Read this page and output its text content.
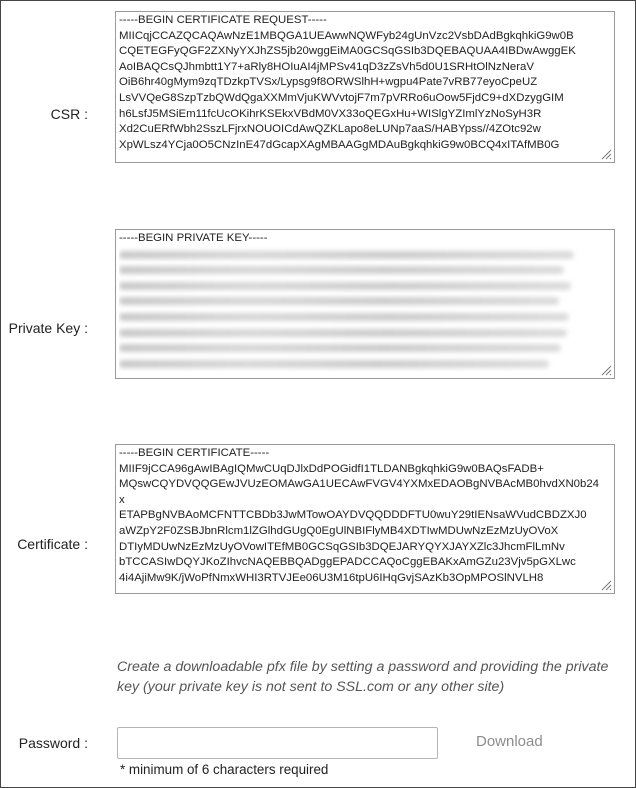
CSR :
-----BEGIN CERTIFICATE REQUEST-----
MIICqjCCAZQCAQAwNzE1MBQGA1UEAwwNQWFyb24gUnVzc2VsbDAdBgkqhkiG9w0B
CQETEGFyQGF2ZXNyYXJhZS5jb20wggEiMA0GCSqGSIb3DQEBAQUAA4IBDwAwggEK
AoIBAQCsQJhmbtt1Y7+aRly8HOIuAI4jMPSv41qD3zZsVh5d0U1SRHtOlNzNeraV
OiB6hr40gMym9zqTDzkpTVSx/Lypsg9f8ORWSlhH+wgpu4Pate7vRB77eyoCpeUZ
LsVVQeG8SzpTzbQWdQgaXXMmVjuKWVvtojF7m7pVRRo6uOow5FjdC9+dXDzygGIM
h6LsfJ5MSiEm11fcUcOKihrKSEkxVBdM0VX33oQEGxHu+WISlgYZImlYzNoSyH3R
Xd2CuERfWbh2SszLFjrxNOUOICdAwQZKLapo8eLUNp7aaS/HABYpss//4ZOtc92w
XpWLsz4YCja0O5CNzInE47dGcapXAgMBAAGgMDAuBgkqhkiG9w0BCQ4xITAfMB0G
Private Key :
-----BEGIN PRIVATE KEY-----
Certificate :
-----BEGIN CERTIFICATE-----
MIIF9jCCA96gAwIBAgIQMwCUqDJlxDdPOGidfI1TLDANBgkqhkiG9w0BAQsFADB+
MQswCQYDVQQGEwJVUzEOMAwGA1UECAwFVGV4YXMxEDAOBgNVBAcMB0hvdXN0b24
x
ETAPBgNVBAoMCFNTTCBDb3JwMTowOAYDVQQDDDFTU0wuY29tIENsaWVudCBDZXJ0
aWZpY2F0ZSBJbnRlcm1lZGlhdGUgQ0EgUlNBIFlyMB4XDTIwMDUwNzEzMzUyOVoX
DTIyMDUwNzEzMzUyOVowITEfMB0GCSqGSIb3DQEJARYQYXJAYXZlc3JhcmFlLmNv
bTCCASIwDQYJKoZIhvcNAQEBBQADggEPADCCAQoCggEBAKxAmGZu23Vjv5pGXLwc
4i4AjiMw9K/jWoPfNmxWHI3RTVJEe06U3M16tpU6IHqGvjSAzKb3OpMPOSlNVLH8
Create a downloadable pfx file by setting a password and providing the private key (your private key is not sent to SSL.com or any other site)
Password :	Download
* minimum of 6 characters required
